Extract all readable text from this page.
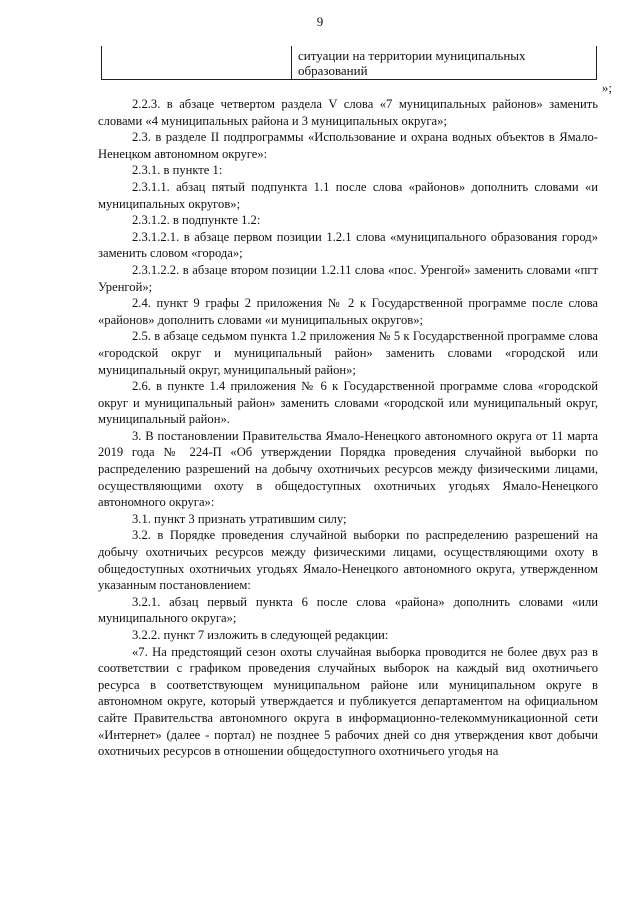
9
ситуации на территории муниципальных образований
»;

2.2.3. в абзаце четвертом раздела V слова «7 муниципальных районов» заменить словами «4 муниципальных района и 3 муниципальных округа»;

2.3. в разделе II подпрограммы «Использование и охрана водных объектов в Ямало-Ненецком автономном округе»:

2.3.1. в пункте 1:

2.3.1.1. абзац пятый подпункта 1.1 после слова «районов» дополнить словами «и муниципальных округов»;

2.3.1.2. в подпункте 1.2:

2.3.1.2.1. в абзаце первом позиции 1.2.1 слова «муниципального образования город» заменить словом «города»;

2.3.1.2.2. в абзаце втором позиции 1.2.11 слова «пос. Уренгой» заменить словами «пгт Уренгой»;

2.4. пункт 9 графы 2 приложения № 2 к Государственной программе после слова «районов» дополнить словами «и муниципальных округов»;

2.5. в абзаце седьмом пункта 1.2 приложения № 5 к Государственной программе слова «городской округ и муниципальный район» заменить словами «городской или муниципальный округ, муниципальный район»;

2.6. в пункте 1.4 приложения № 6 к Государственной программе слова «городской округ и муниципальный район» заменить словами «городской или муниципальный округ, муниципальный район».

3. В постановлении Правительства Ямало-Ненецкого автономного округа от 11 марта 2019 года № 224-П «Об утверждении Порядка проведения случайной выборки по распределению разрешений на добычу охотничьих ресурсов между физическими лицами, осуществляющими охоту в общедоступных охотничьих угодьях Ямало-Ненецкого автономного округа»:

3.1. пункт 3 признать утратившим силу;

3.2. в Порядке проведения случайной выборки по распределению разрешений на добычу охотничьих ресурсов между физическими лицами, осуществляющими охоту в общедоступных охотничьих угодьях Ямало-Ненецкого автономного округа, утвержденном указанным постановлением:

3.2.1. абзац первый пункта 6 после слова «района» дополнить словами «или муниципального округа»;

3.2.2. пункт 7 изложить в следующей редакции:

«7. На предстоящий сезон охоты случайная выборка проводится не более двух раз в соответствии с графиком проведения случайных выборок на каждый вид охотничьего ресурса в соответствующем муниципальном районе или муниципальном округе в автономном округе, который утверждается и публикуется департаментом на официальном сайте Правительства автономного округа в информационно-телекоммуникационной сети «Интернет» (далее - портал) не позднее 5 рабочих дней со дня утверждения квот добычи охотничьих ресурсов в отношении общедоступного охотничьего угодья на
